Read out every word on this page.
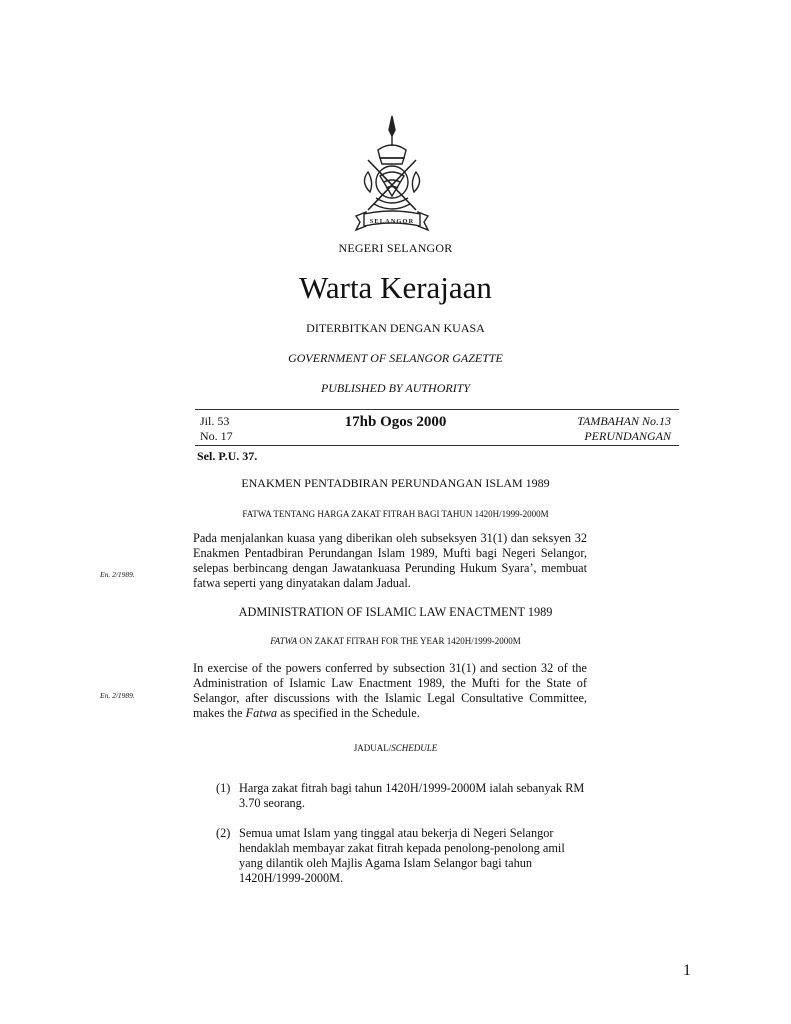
SELANGOR
NEGERI SELANGOR
Warta Kerajaan
DITERBITKAN DENGAN KUASA
GOVERNMENT OF SELANGOR GAZETTE
PUBLISHED BY AUTHORITY
Jil. 53
No. 17
17hb Ogos 2000	TAMBAHAN No.13
PERUNDANGAN
Sel. P.U. 37.
ENAKMEN PENTADBIRAN PERUNDANGAN ISLAM 1989
FATWA TENTANG HARGA ZAKAT FITRAH BAGI TAHUN 1420H/1999-2000M
En. 2/1989.
Pada menjalankan kuasa yang diberikan oleh subseksyen 31(1) dan seksyen 32 Enakmen Pentadbiran Perundangan Islam 1989, Mufti bagi Negeri Selangor, selepas berbincang dengan Jawatankuasa Perunding Hukum Syara’, membuat fatwa seperti yang dinyatakan dalam Jadual.
ADMINISTRATION OF ISLAMIC LAW ENACTMENT 1989
FATWA ON ZAKAT FITRAH FOR THE YEAR 1420H/1999-2000M
En. 2/1989.
In exercise of the powers conferred by subsection 31(1) and section 32 of the Administration of Islamic Law Enactment 1989, the Mufti for the State of Selangor, after discussions with the Islamic Legal Consultative Committee, makes the Fatwa as specified in the Schedule.
JADUAL/SCHEDULE
(1) Harga zakat fitrah bagi tahun 1420H/1999-2000M ialah sebanyak RM 3.70 seorang.
(2) Semua umat Islam yang tinggal atau bekerja di Negeri Selangor hendaklah membayar zakat fitrah kepada penolong-penolong amil yang dilantik oleh Majlis Agama Islam Selangor bagi tahun 1420H/1999-2000M.
1
